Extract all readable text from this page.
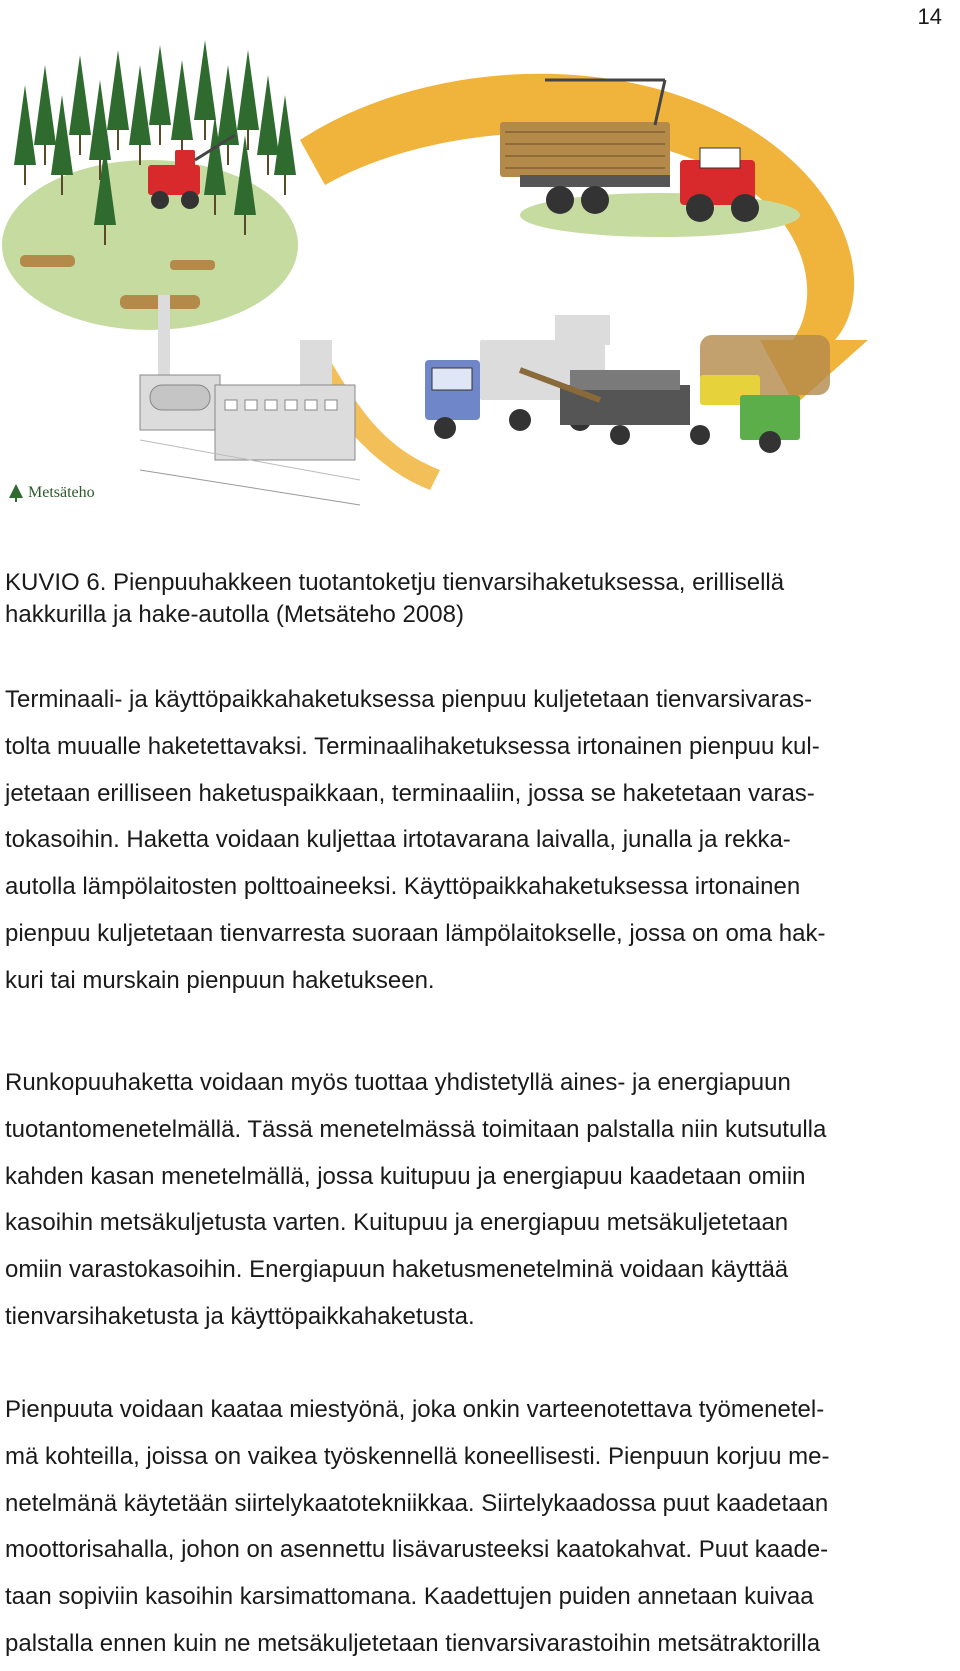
14
Metsäteho

KUVIO 6. Pienpuuhakkeen tuotantoketju tienvarsihaketuksessa, erillisellä
hakkurilla ja hake-autolla (Metsäteho 2008)

Terminaali- ja käyttöpaikkahaketuksessa pienpuu kuljetetaan tienvarsivaras-
tolta muualle haketettavaksi. Terminaalihaketuksessa irtonainen pienpuu kul-
jetetaan erilliseen haketuspaikkaan, terminaaliin, jossa se haketetaan varas-
tokasoihin. Haketta voidaan kuljettaa irtotavarana laivalla, junalla ja rekka-
autolla lämpölaitosten polttoaineeksi. Käyttöpaikkahaketuksessa irtonainen
pienpuu kuljetetaan tienvarresta suoraan lämpölaitokselle, jossa on oma hak-
kuri tai murskain pienpuun haketukseen.

Runkopuuhaketta voidaan myös tuottaa yhdistetyllä aines- ja energiapuun
tuotantomenetelmällä. Tässä menetelmässä toimitaan palstalla niin kutsutulla
kahden kasan menetelmällä, jossa kuitupuu ja energiapuu kaadetaan omiin
kasoihin metsäkuljetusta varten. Kuitupuu ja energiapuu metsäkuljetetaan
omiin varastokasoihin. Energiapuun haketusmenetelminä voidaan käyttää
tienvarsihaketusta ja käyttöpaikkahaketusta.

Pienpuuta voidaan kaataa miestyönä, joka onkin varteenotettava työmenetel-
mä kohteilla, joissa on vaikea työskennellä koneellisesti. Pienpuun korjuu me-
netelmänä käytetään siirtelykaatotekniikkaa. Siirtelykaadossa puut kaadetaan
moottorisahalla, johon on asennettu lisävarusteeksi kaatokahvat. Puut kaade-
taan sopiviin kasoihin karsimattomana. Kaadettujen puiden annetaan kuivaa
palstalla ennen kuin ne metsäkuljetetaan tienvarsivarastoihin metsätraktorilla
